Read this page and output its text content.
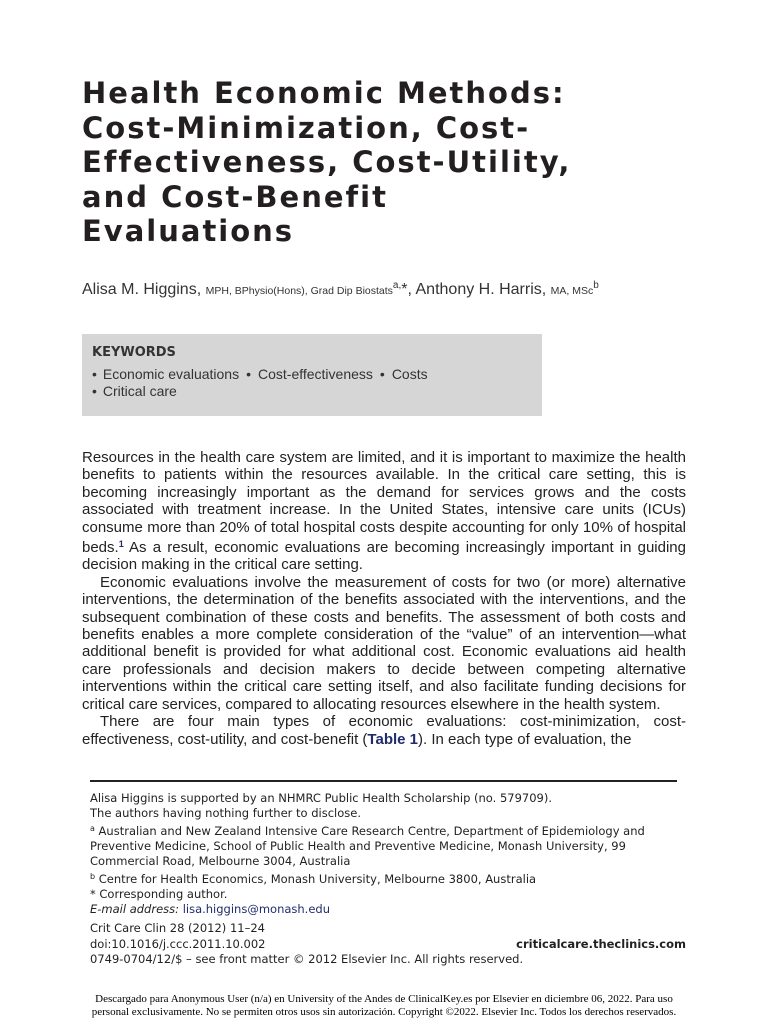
Health Economic Methods:
Cost-Minimization, Cost-
Effectiveness, Cost-Utility,
and Cost-Benefit
Evaluations
Alisa M. Higgins, MPH, BPhysio(Hons), Grad Dip Biostats$^{a,}$*, Anthony H. Harris, MA, MSc$^b$
KEYWORDS
• Economic evaluations • Cost-effectiveness • Costs
• Critical care

Resources in the health care system are limited, and it is important to maximize the health benefits to patients within the resources available. In the critical care setting, this is becoming increasingly important as the demand for services grows and the costs associated with treatment increase. In the United States, intensive care units (ICUs) consume more than 20% of total hospital costs despite accounting for only 10% of hospital beds.$^1$ As a result, economic evaluations are becoming increasingly important in guiding decision making in the critical care setting.

Economic evaluations involve the measurement of costs for two (or more) alternative interventions, the determination of the benefits associated with the interventions, and the subsequent combination of these costs and benefits. The assessment of both costs and benefits enables a more complete consideration of the “value” of an intervention—what additional benefit is provided for what additional cost. Economic evaluations aid health care professionals and decision makers to decide between competing alternative interventions within the critical care setting itself, and also facilitate funding decisions for critical care services, compared to allocating resources elsewhere in the health system.

There are four main types of economic evaluations: cost-minimization, cost-effectiveness, cost-utility, and cost-benefit (Table 1). In each type of evaluation, the

Alisa Higgins is supported by an NHMRC Public Health Scholarship (no. 579709).
The authors having nothing further to disclose.
$^a$ Australian and New Zealand Intensive Care Research Centre, Department of Epidemiology and
Preventive Medicine, School of Public Health and Preventive Medicine, Monash University, 99
Commercial Road, Melbourne 3004, Australia
$^b$ Centre for Health Economics, Monash University, Melbourne 3800, Australia
* Corresponding author.
E-mail address: lisa.higgins@monash.edu
Crit Care Clin 28 (2012) 11–24
doi:10.1016/j.ccc.2011.10.002
0749-0704/12/$ – see front matter © 2012 Elsevier Inc. All rights reserved.
criticalcare.theclinics.com
Descargado para Anonymous User (n/a) en University of the Andes de ClinicalKey.es por Elsevier en diciembre 06, 2022. Para uso
personal exclusivamente. No se permiten otros usos sin autorización. Copyright ©2022. Elsevier Inc. Todos los derechos reservados.
